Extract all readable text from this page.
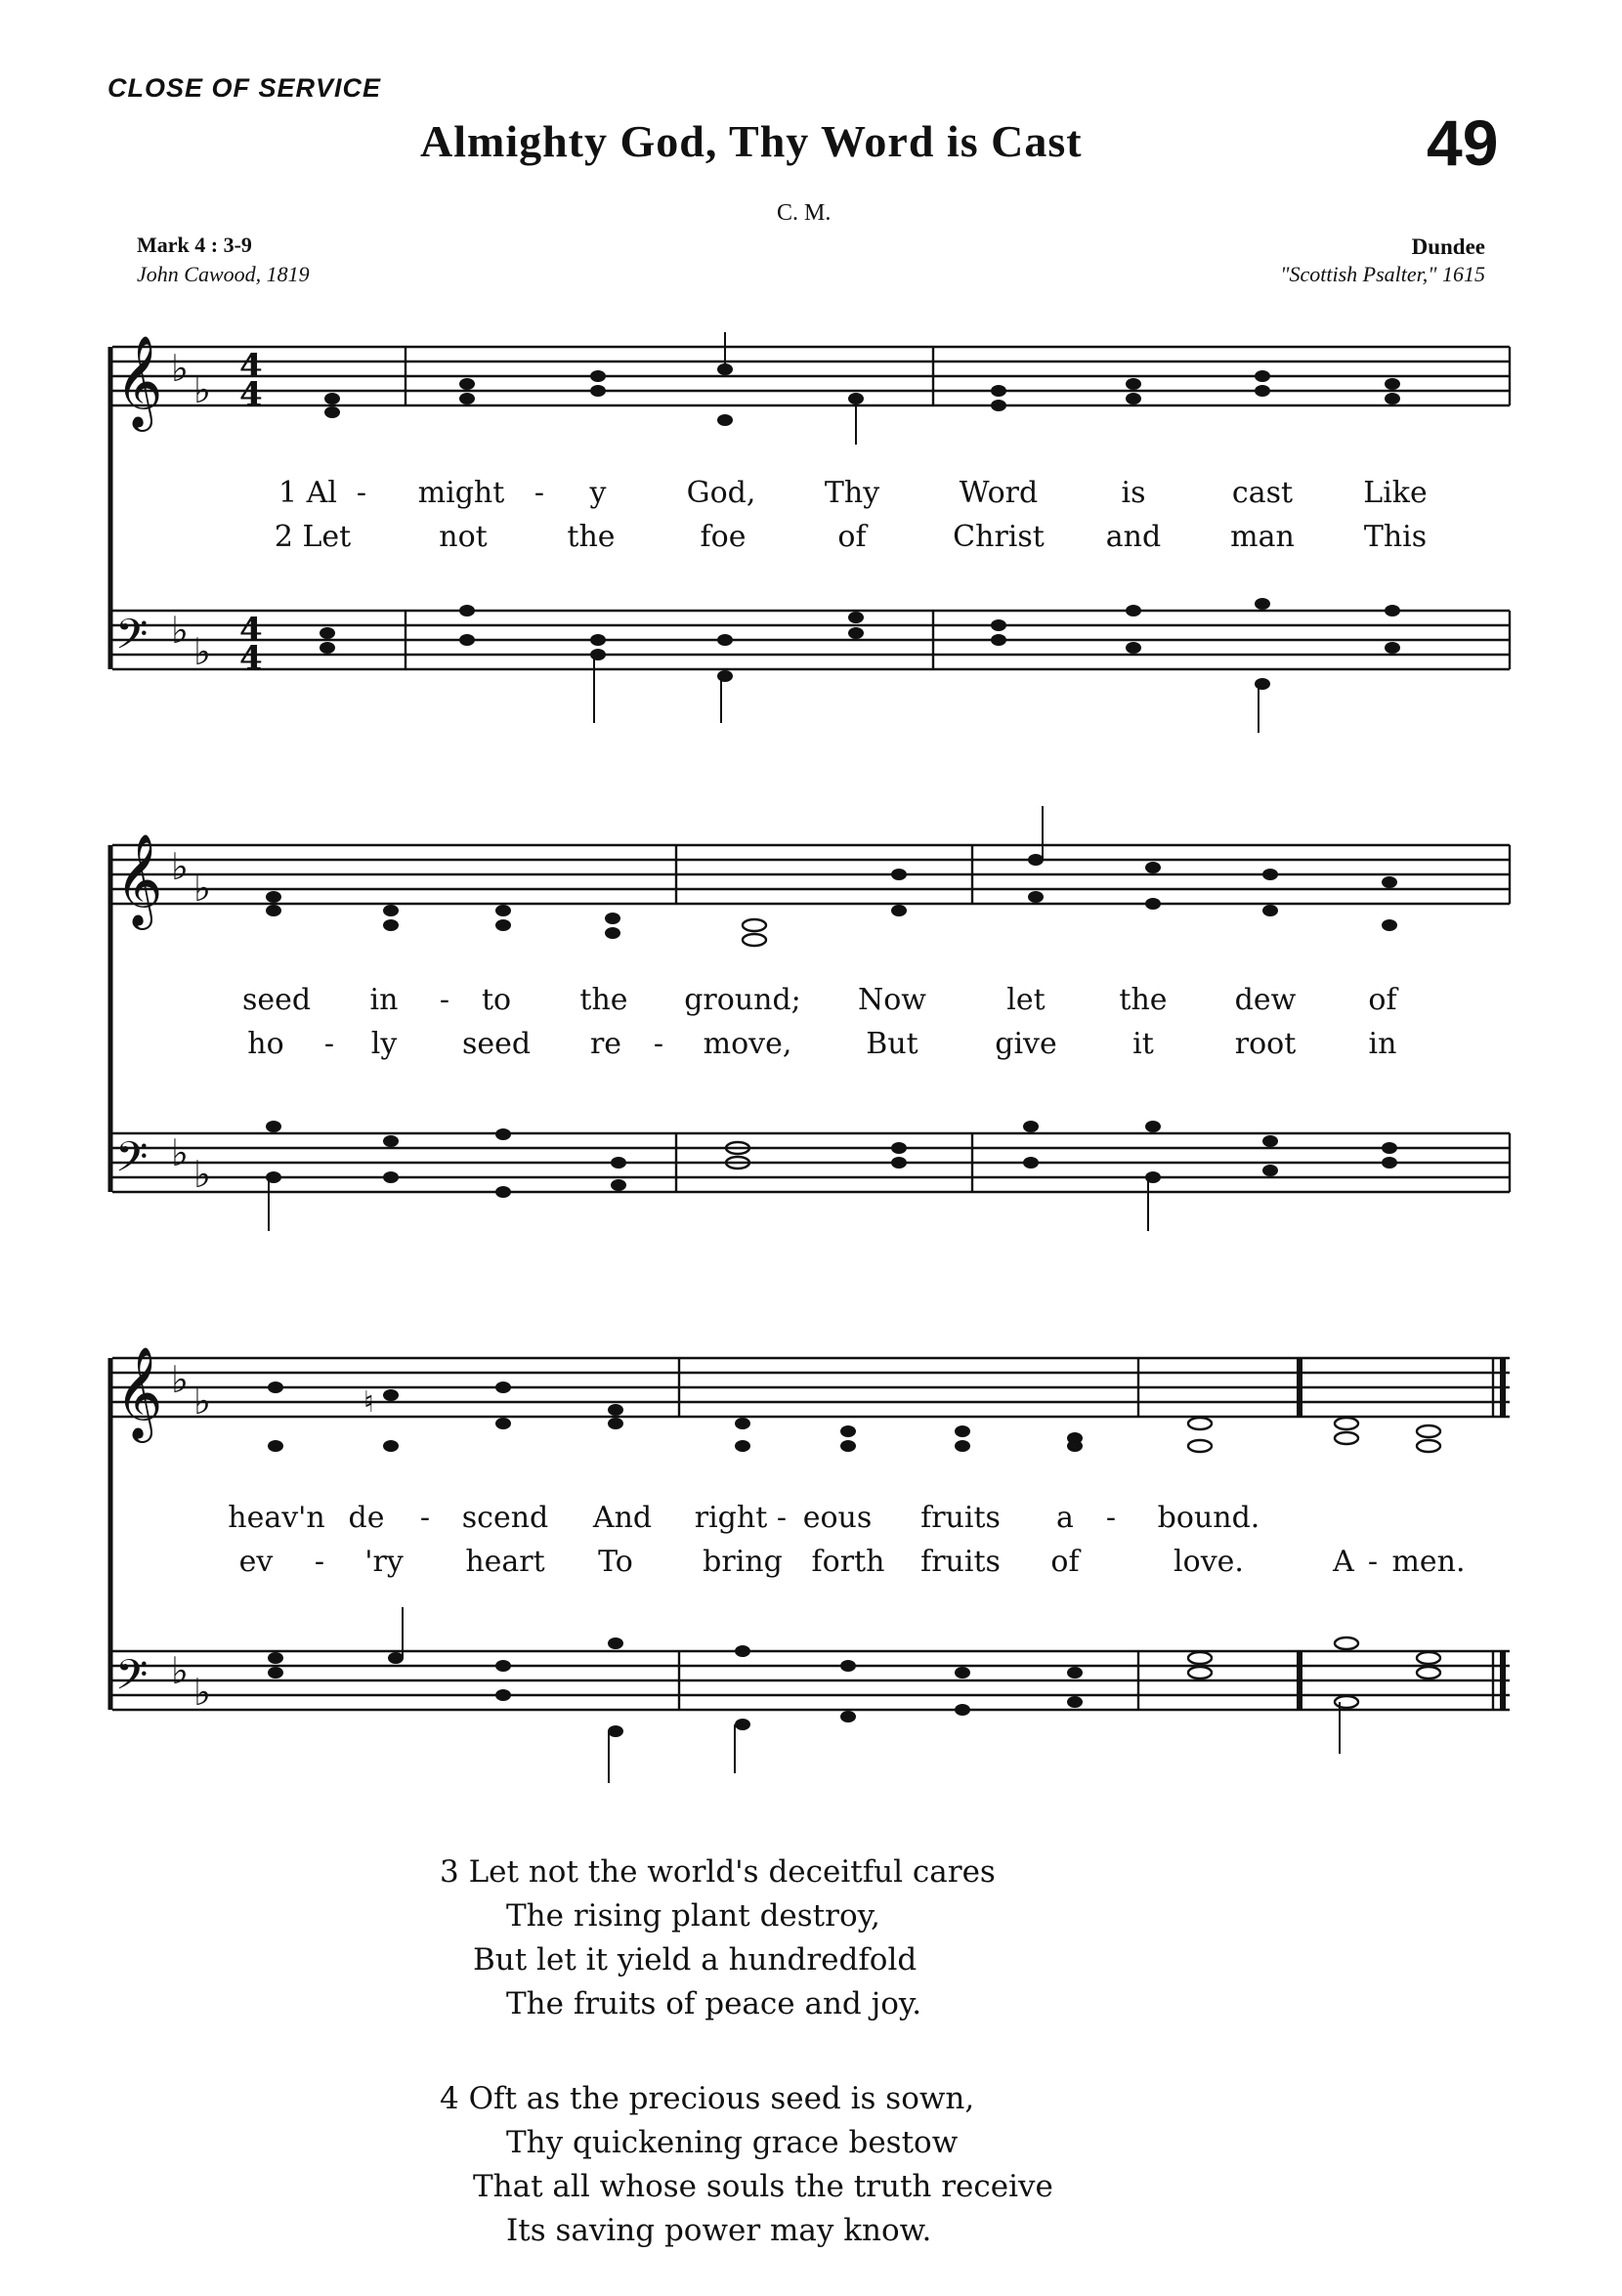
CLOSE OF SERVICE
Almighty God, Thy Word is Cast	49
C. M.
Mark 4 : 3-9
John Cawood, 1819
Dundee
"Scottish Psalter," 1615
𝄞
𝄢
♭ ♭
♭ ♭
4
4
4
4
1 Al - might - y	God, Thy	Word	is	cast Like
2 Let	not	the	foe	of	Christ and man This
𝄞
𝄢
♭ ♭
♭ ♭
seed in - to the ground; Now	let	the dew of
ho - ly seed re - move,	But	give	it	root in
𝄞
𝄢
♭ ♭
♭ ♭
♮
heav'n de - scend And right - eous fruits a - bound.
ev - 'ry heart To bring forth fruits of	love.	A - men.
3 Let not the world's deceitful cares
The rising plant destroy,
But let it yield a hundredfold
The fruits of peace and joy.
4 Oft as the precious seed is sown,
Thy quickening grace bestow
That all whose souls the truth receive
Its saving power may know.
